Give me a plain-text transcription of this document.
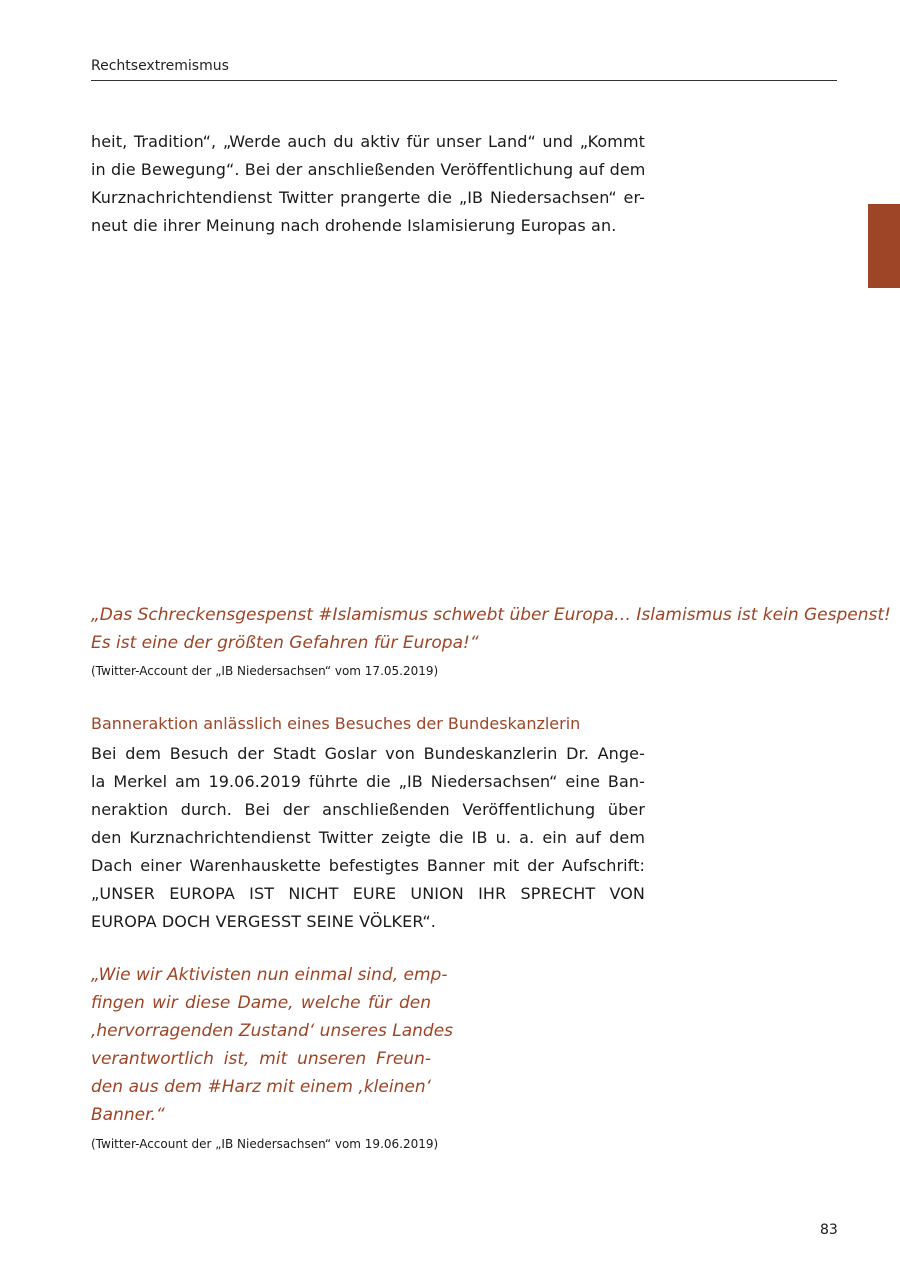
Rechtsextremismus
heit, Tradition“, „Werde auch du aktiv für unser Land“ und „Kommt
in die Bewegung“. Bei der anschließenden Veröffentlichung auf dem
Kurznachrichtendienst Twitter prangerte die „IB Niedersachsen“ er-
neut die ihrer Meinung nach drohende Islamisierung Europas an.
„Das Schreckensgespenst #Islamismus schwebt über Europa… Islamismus ist kein Gespenst!
Es ist eine der größten Gefahren für Europa!“
(Twitter-Account der „IB Niedersachsen“ vom 17.05.2019)
Banneraktion anlässlich eines Besuches der Bundeskanzlerin
Bei dem Besuch der Stadt Goslar von Bundeskanzlerin Dr. Ange-
la Merkel am 19.06.2019 führte die „IB Niedersachsen“ eine Ban-
neraktion durch. Bei der anschließenden Veröffentlichung über
den Kurznachrichtendienst Twitter zeigte die IB u. a. ein auf dem
Dach einer Warenhauskette befestigtes Banner mit der Aufschrift:
„UNSER EUROPA IST NICHT EURE UNION IHR SPRECHT VON
EUROPA DOCH VERGESST SEINE VÖLKER“.
„Wie wir Aktivisten nun einmal sind, emp-
fingen wir diese Dame, welche für den
‚hervorragenden Zustand‘ unseres Landes
verantwortlich ist, mit unseren Freun-
den aus dem #Harz mit einem ‚kleinen‘
Banner.“
(Twitter-Account der „IB Niedersachsen“ vom 19.06.2019)
83
